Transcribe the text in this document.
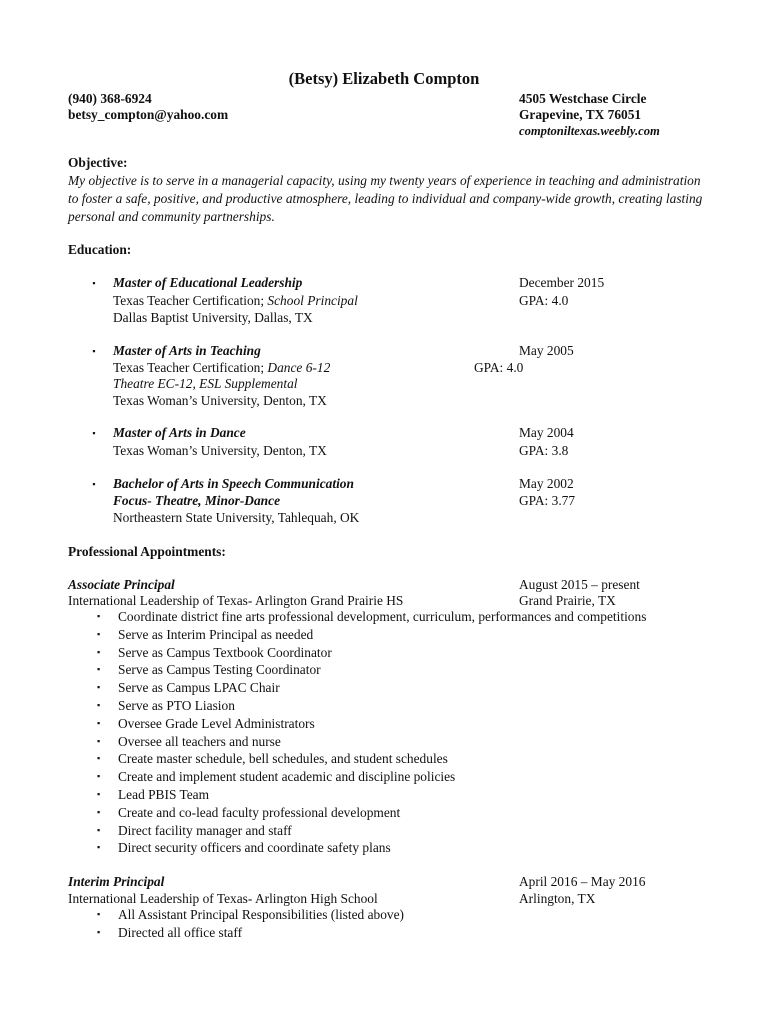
(Betsy) Elizabeth Compton
(940) 368-6924
betsy_compton@yahoo.com
4505 Westchase Circle
Grapevine, TX 76051
comptoniltexas.weebly.com
Objective:
My objective is to serve in a managerial capacity, using my twenty years of experience in teaching and administration to foster a safe, positive, and productive atmosphere, leading to individual and company-wide growth, creating lasting personal and community partnerships.
Education:
▪ Master of Educational Leadership	December 2015
Texas Teacher Certification; School Principal	GPA: 4.0
Dallas Baptist University, Dallas, TX
▪ Master of Arts in Teaching	May 2005
Texas Teacher Certification; Dance 6-12	GPA: 4.0
Theatre EC-12, ESL Supplemental
Texas Woman’s University, Denton, TX
▪ Master of Arts in Dance	May 2004
Texas Woman’s University, Denton, TX	GPA: 3.8
▪ Bachelor of Arts in Speech Communication	May 2002
Focus- Theatre, Minor-Dance	GPA: 3.77
Northeastern State University, Tahlequah, OK
Professional Appointments:
Associate Principal	August 2015 – present
International Leadership of Texas- Arlington Grand Prairie HS	Grand Prairie, TX
▪ Coordinate district fine arts professional development, curriculum, performances and competitions
▪ Serve as Interim Principal as needed
▪ Serve as Campus Textbook Coordinator
▪ Serve as Campus Testing Coordinator
▪ Serve as Campus LPAC Chair
▪ Serve as PTO Liasion
▪ Oversee Grade Level Administrators
▪ Oversee all teachers and nurse
▪ Create master schedule, bell schedules, and student schedules
▪ Create and implement student academic and discipline policies
▪ Lead PBIS Team
▪ Create and co-lead faculty professional development
▪ Direct facility manager and staff
▪ Direct security officers and coordinate safety plans
Interim Principal	April 2016 – May 2016
International Leadership of Texas- Arlington High School	Arlington, TX
▪ All Assistant Principal Responsibilities (listed above)
▪ Directed all office staff
